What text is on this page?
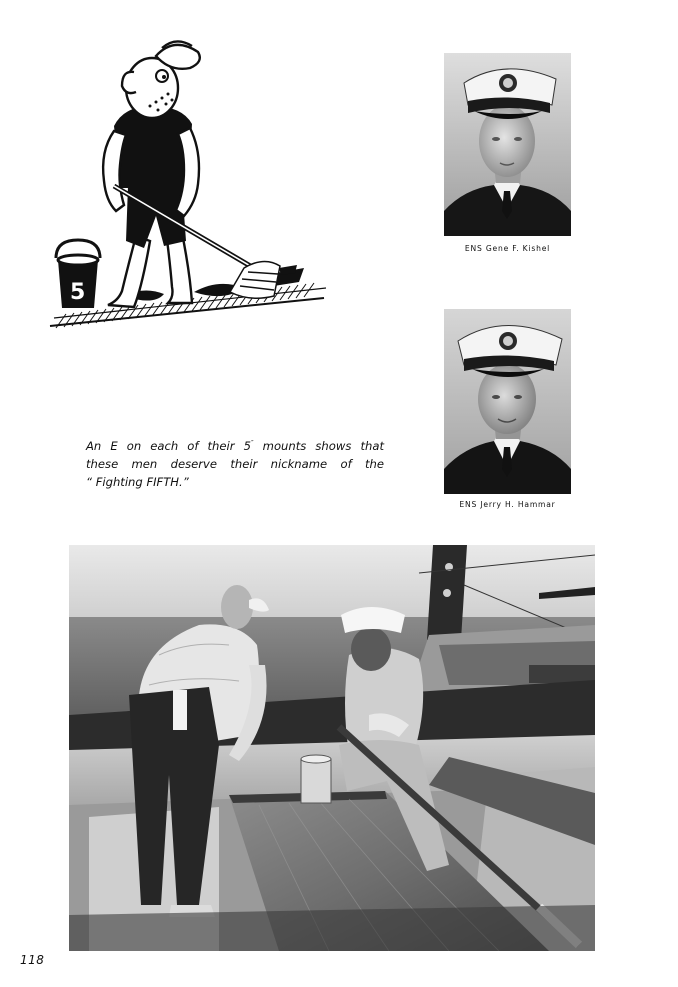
5
ENS Gene F. Kishel
ENS Jerry H. Hammar
An E on each of their 5″ mounts shows that
these men deserve their nickname of the
“ Fighting FIFTH.”
118
